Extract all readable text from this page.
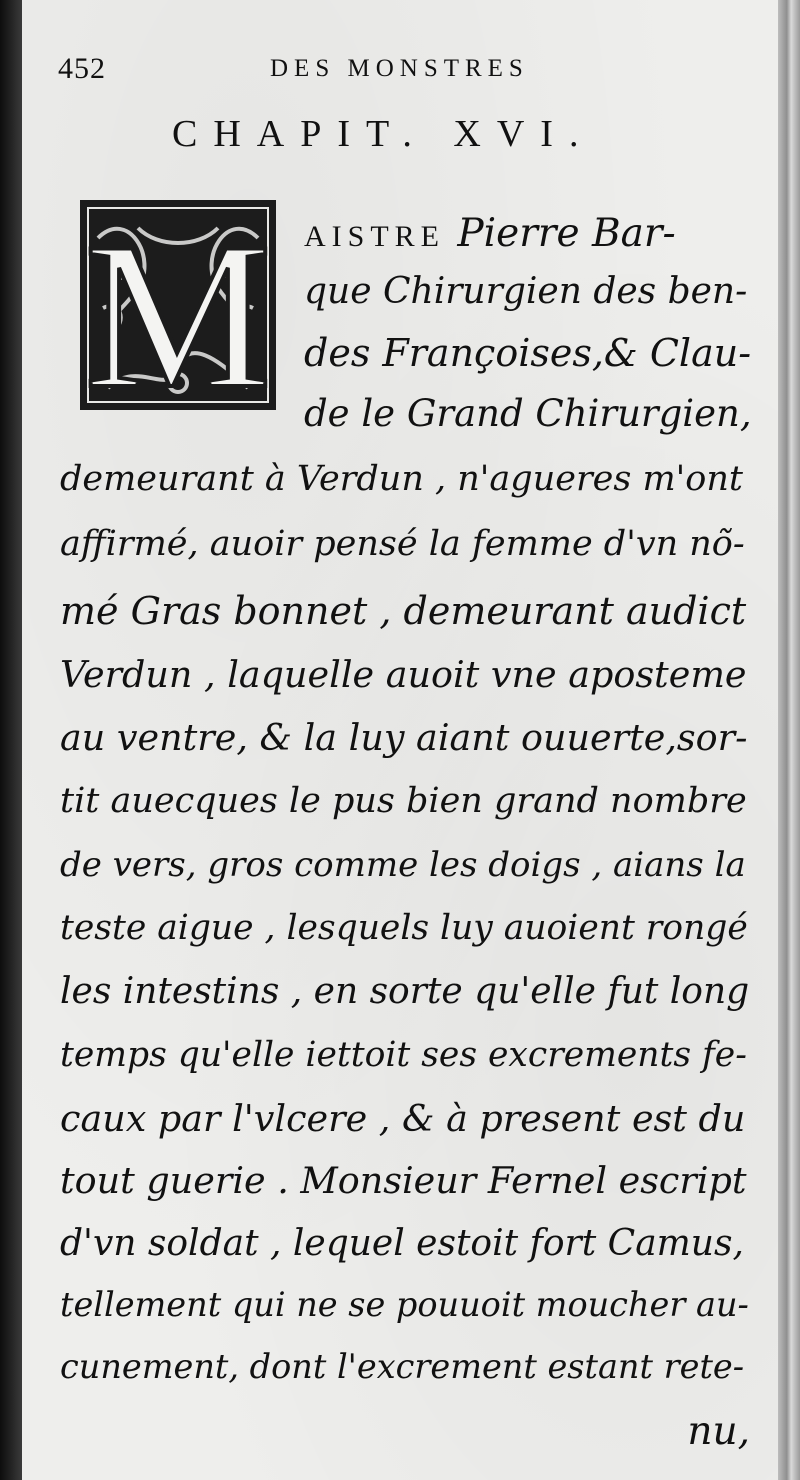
452	DES MONSTRES
CHAPIT. XVI.
M AISTRE Pierre Bar-
que Chirurgien des ben-
des Françoises,& Clau-
de le Grand Chirurgien,
demeurant à Verdun , n'agueres m'ont
affirmé, auoir pensé la femme d'vn nõ-
mé Gras bonnet , demeurant audict
Verdun , laquelle auoit vne aposteme
au ventre, & la luy aiant ouuerte,sor-
tit auecques le pus bien grand nombre
de vers, gros comme les doigs , aians la
teste aigue , lesquels luy auoient rongé
les intestins , en sorte qu'elle fut long
temps qu'elle iettoit ses excrements fe-
caux par l'vlcere , & à present est du
tout guerie . Monsieur Fernel escript
d'vn soldat , lequel estoit fort Camus,
tellement qui ne se pouuoit moucher au-
cunement, dont l'excrement estant rete-
nu,
